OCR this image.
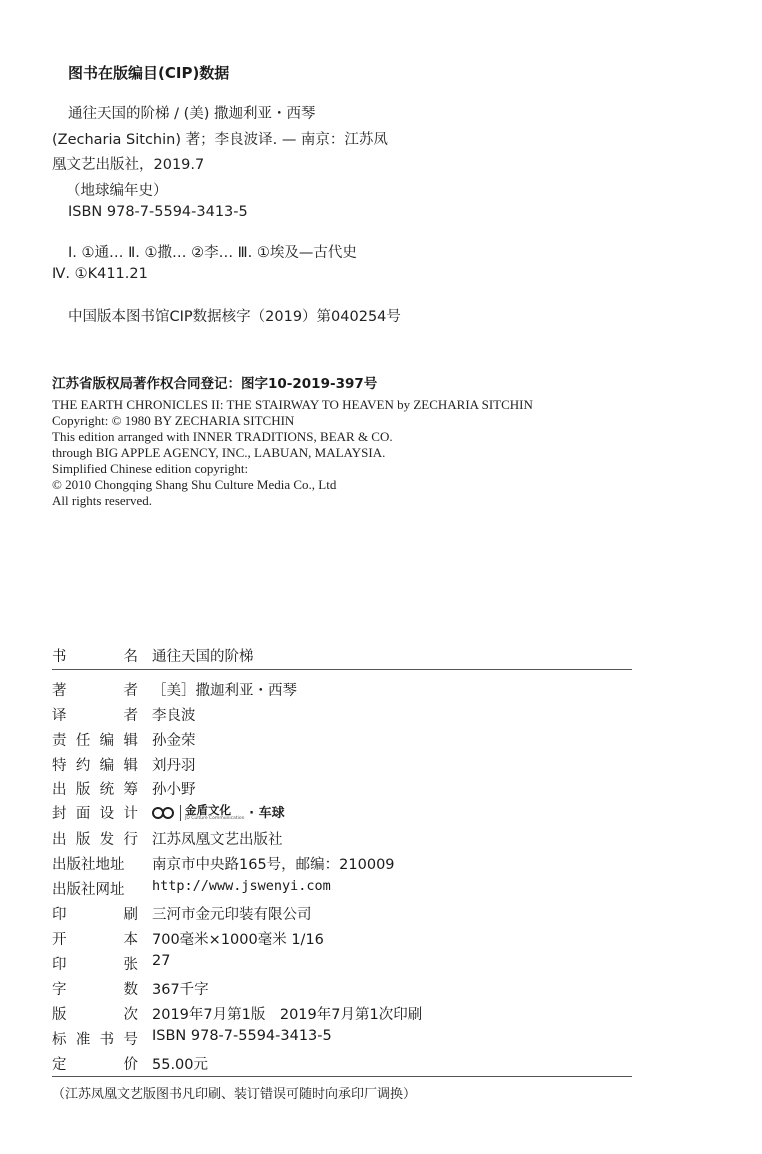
图书在版编目(CIP)数据
通往天国的阶梯 / (美) 撒迦利亚・西琴
(Zecharia Sitchin) 著；李良波译. — 南京：江苏凤
凰文艺出版社，2019.7
（地球编年史）
ISBN 978-7-5594-3413-5
Ⅰ. ①通… Ⅱ. ①撒… ②李… Ⅲ. ①埃及—古代史
Ⅳ. ①K411.21
中国版本图书馆CIP数据核字（2019）第040254号
江苏省版权局著作权合同登记：图字10-2019-397号
THE EARTH CHRONICLES II: THE STAIRWAY TO HEAVEN by ZECHARIA SITCHIN
Copyright: © 1980 BY ZECHARIA SITCHIN
This edition arranged with INNER TRADITIONS, BEAR & CO.
through BIG APPLE AGENCY, INC., LABUAN, MALAYSIA.
Simplified Chinese edition copyright:
© 2010 Chongqing Shang Shu Culture Media Co., Ltd
All rights reserved.
书	名 通往天国的阶梯
著	者 ［美］撒迦利亚・西琴
译	者 李良波
责 任 编 辑 孙金荣
特 约 编 辑 刘丹羽
出 版 统 筹 孙小野
出 版 发 行 江苏凤凰文艺出版社
出版社地址 南京市中央路165号，邮编：210009
出版社网址 http://www.jswenyi.com
印	刷 三河市金元印装有限公司
开	本 700毫米×1000毫米 1/16
印	张 27
字	数 367千字
版	次 2019年7月第1版　2019年7月第1次印刷
标 准 书 号 ISBN 978-7-5594-3413-5
定	价 55.00元
封 面 设 计	金盾文化
JD Culture Communication · 车球
（江苏凤凰文艺版图书凡印刷、装订错误可随时向承印厂调换）
